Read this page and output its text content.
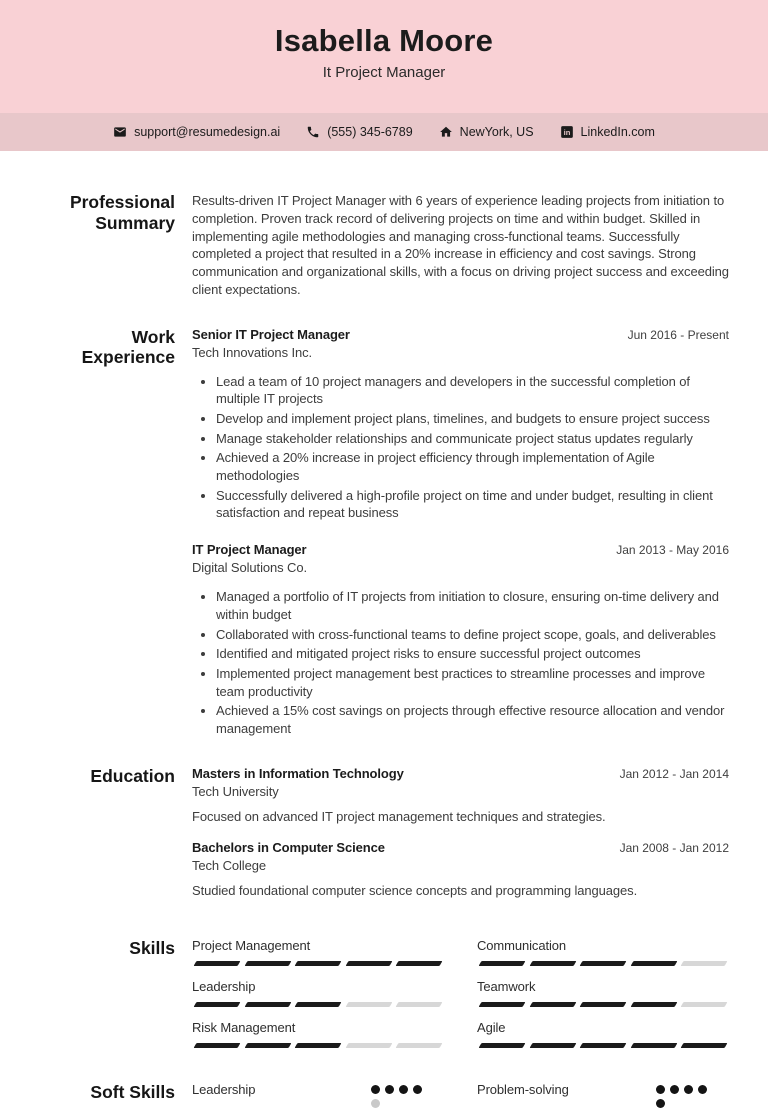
Isabella Moore
It Project Manager
support@resumedesign.ai	(555) 345-6789	NewYork, US in LinkedIn.com
Professional Summary

Results-driven IT Project Manager with 6 years of experience leading projects from initiation to completion. Proven track record of delivering projects on time and within budget. Skilled in implementing agile methodologies and managing cross-functional teams. Successfully completed a project that resulted in a 20% increase in efficiency and cost savings. Strong communication and organizational skills, with a focus on driving project success and exceeding client expectations.

Work Experience
Senior IT Project Manager	Jun 2016 - Present
Tech Innovations Inc.
• Lead a team of 10 project managers and developers in the successful completion of multiple IT projects
• Develop and implement project plans, timelines, and budgets to ensure project success
• Manage stakeholder relationships and communicate project status updates regularly
• Achieved a 20% increase in project efficiency through implementation of Agile methodologies
• Successfully delivered a high-profile project on time and under budget, resulting in client satisfaction and repeat business
IT Project Manager	Jan 2013 - May 2016
Digital Solutions Co.
• Managed a portfolio of IT projects from initiation to closure, ensuring on-time delivery and within budget
• Collaborated with cross-functional teams to define project scope, goals, and deliverables
• Identified and mitigated project risks to ensure successful project outcomes
• Implemented project management best practices to streamline processes and improve team productivity
• Achieved a 15% cost savings on projects through effective resource allocation and vendor management
Education Masters in Information Technology	Jan 2012 - Jan 2014
Tech University
Focused on advanced IT project management techniques and strategies.
Bachelors in Computer Science	Jan 2008 - Jan 2012
Tech College
Studied foundational computer science concepts and programming languages.
Skills Project Management	Communication
Leadership	Teamwork
Risk Management	Agile
Soft Skills Leadership	Problem-solving
